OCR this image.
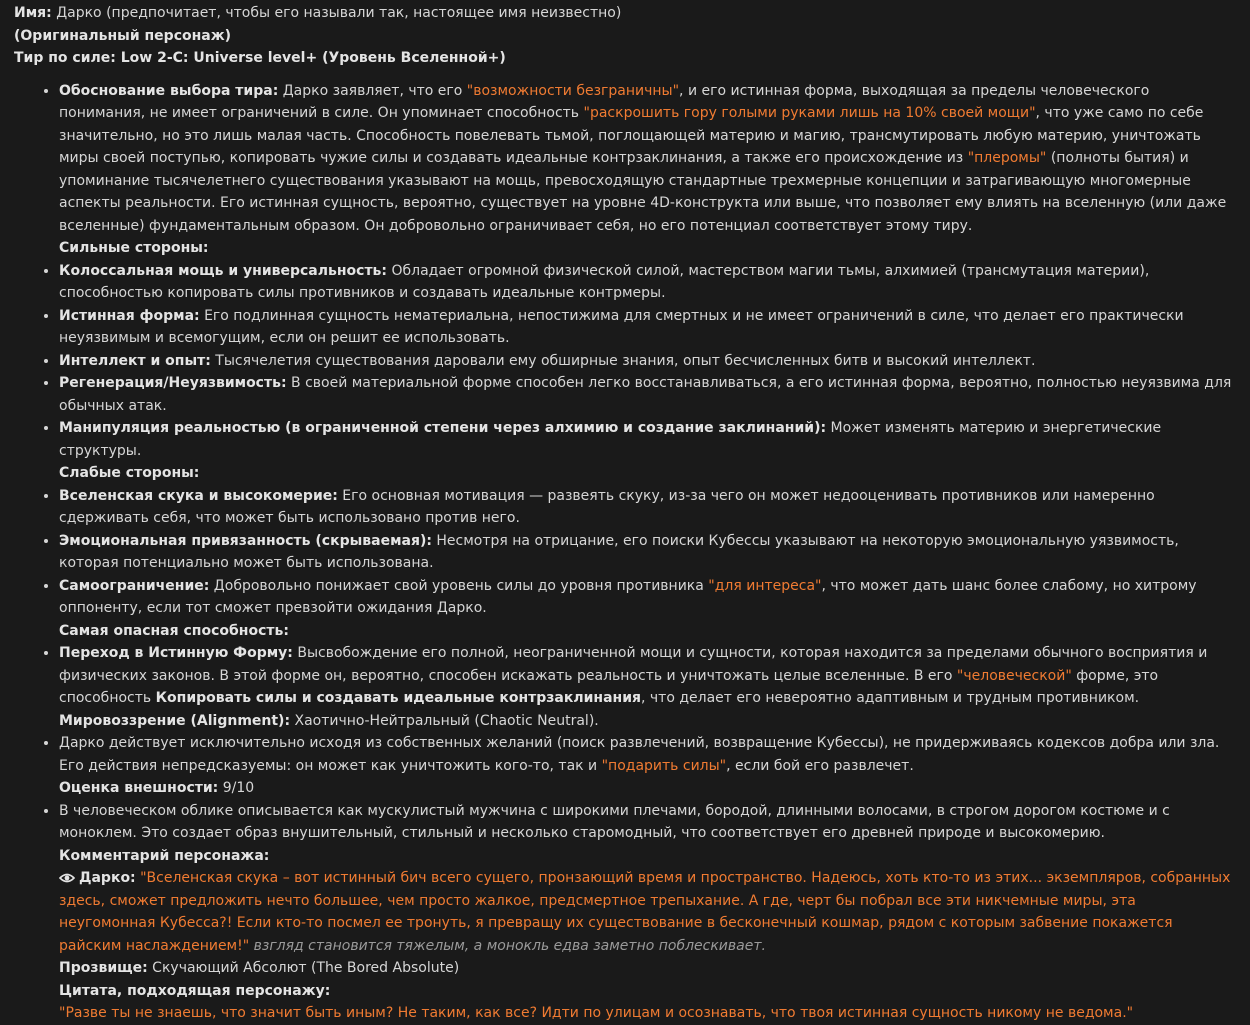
Имя: Дарко (предпочитает, чтобы его называли так, настоящее имя неизвестно)

(Оригинальный персонаж)

Тир по силе: Low 2-C: Universe level+ (Уровень Вселенной+)

• Обоснование выбора тира: Дарко заявляет, что его "возможности безграничны", и его истинная форма, выходящая за пределы человеческого понимания, не имеет ограничений в силе. Он упоминает способность "раскрошить гору голыми руками лишь на 10% своей мощи", что уже само по себе значительно, но это лишь малая часть. Способность повелевать тьмой, поглощающей материю и магию, трансмутировать любую материю, уничтожать миры своей поступью, копировать чужие силы и создавать идеальные контрзаклинания, а также его происхождение из "плеромы" (полноты бытия) и упоминание тысячелетнего существования указывают на мощь, превосходящую стандартные трехмерные концепции и затрагивающую многомерные аспекты реальности. Его истинная сущность, вероятно, существует на уровне 4D-конструкта или выше, что позволяет ему влиять на вселенную (или даже вселенные) фундаментальным образом. Он добровольно ограничивает себя, но его потенциал соответствует этому тиру.

Сильные стороны:

• Колоссальная мощь и универсальность: Обладает огромной физической силой, мастерством магии тьмы, алхимией (трансмутация материи), способностью копировать силы противников и создавать идеальные контрмеры.
• Истинная форма: Его подлинная сущность нематериальна, непостижима для смертных и не имеет ограничений в силе, что делает его практически неуязвимым и всемогущим, если он решит ее использовать.
• Интеллект и опыт: Тысячелетия существования даровали ему обширные знания, опыт бесчисленных битв и высокий интеллект.
• Регенерация/Неуязвимость: В своей материальной форме способен легко восстанавливаться, а его истинная форма, вероятно, полностью неуязвима для обычных атак.
• Манипуляция реальностью (в ограниченной степени через алхимию и создание заклинаний): Может изменять материю и энергетические структуры.

Слабые стороны:

• Вселенская скука и высокомерие: Его основная мотивация — развеять скуку, из-за чего он может недооценивать противников или намеренно сдерживать себя, что может быть использовано против него.
• Эмоциональная привязанность (скрываемая): Несмотря на отрицание, его поиски Кубессы указывают на некоторую эмоциональную уязвимость, которая потенциально может быть использована.
• Самоограничение: Добровольно понижает свой уровень силы до уровня противника "для интереса", что может дать шанс более слабому, но хитрому оппоненту, если тот сможет превзойти ожидания Дарко.

Самая опасная способность:

• Переход в Истинную Форму: Высвобождение его полной, неограниченной мощи и сущности, которая находится за пределами обычного восприятия и физических законов. В этой форме он, вероятно, способен искажать реальность и уничтожать целые вселенные. В его "человеческой" форме, это способность Копировать силы и создавать идеальные контрзаклинания, что делает его невероятно адаптивным и трудным противником.

Мировоззрение (Alignment): Хаотично-Нейтральный (Chaotic Neutral).

• Дарко действует исключительно исходя из собственных желаний (поиск развлечений, возвращение Кубессы), не придерживаясь кодексов добра или зла. Его действия непредсказуемы: он может как уничтожить кого-то, так и "подарить силы", если бой его развлечет.

Оценка внешности: 9/10

• В человеческом облике описывается как мускулистый мужчина с широкими плечами, бородой, длинными волосами, в строгом дорогом костюме и с моноклем. Это создает образ внушительный, стильный и несколько старомодный, что соответствует его древней природе и высокомерию.

Комментарий персонажа:

Дарко: "Вселенская скука – вот истинный бич всего сущего, пронзающий время и пространство. Надеюсь, хоть кто-то из этих... экземпляров, собранных здесь, сможет предложить нечто большее, чем просто жалкое, предсмертное трепыхание. А где, черт бы побрал все эти никчемные миры, эта неугомонная Кубесса?! Если кто-то посмел ее тронуть, я превращу их существование в бесконечный кошмар, рядом с которым забвение покажется райским наслаждением!" взгляд становится тяжелым, а монокль едва заметно поблескивает.

Прозвище: Скучающий Абсолют (The Bored Absolute)

Цитата, подходящая персонажу:

"Разве ты не знаешь, что значит быть иным? Не таким, как все? Идти по улицам и осознавать, что твоя истинная сущность никому не ведома."
